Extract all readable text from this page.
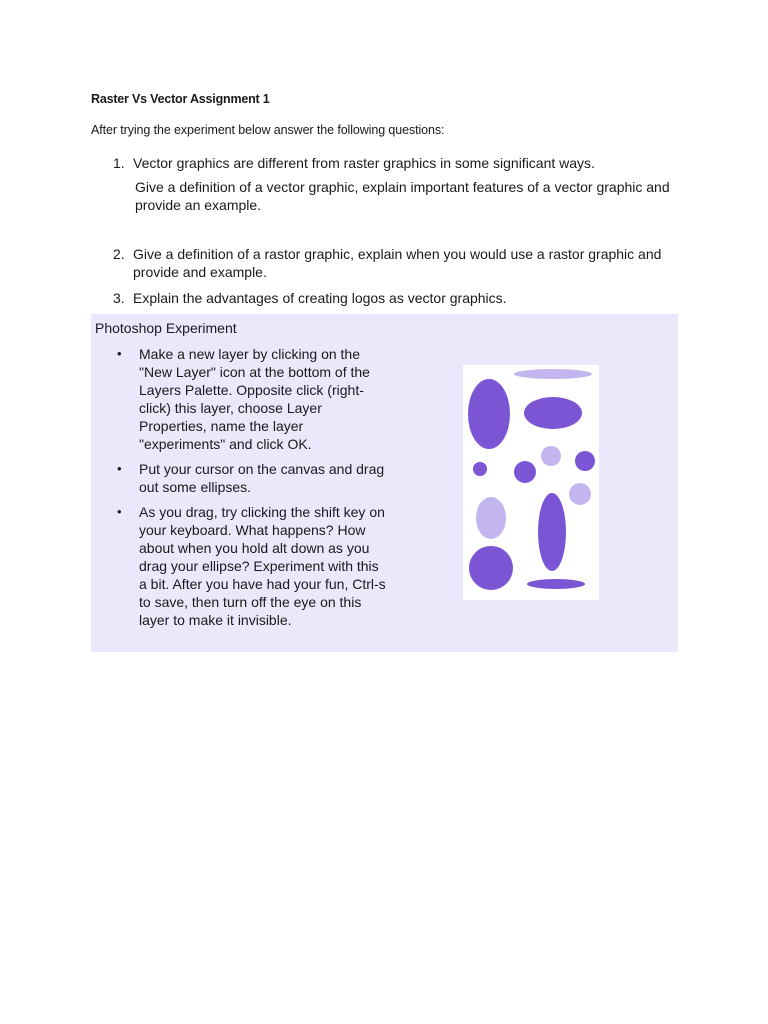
Raster Vs Vector Assignment 1
After trying the experiment below answer the following questions:
1. Vector graphics are different from raster graphics in some significant ways.
Give a definition of a vector graphic, explain important features of a vector graphic and provide an example.
2. Give a definition of a rastor graphic, explain when you would use a rastor graphic and provide and example.
3. Explain the advantages of creating logos as vector graphics.
Photoshop Experiment
• Make a new layer by clicking on the "New Layer" icon at the bottom of the Layers Palette. Opposite click (right-click) this layer, choose Layer Properties, name the layer "experiments" and click OK.
• Put your cursor on the canvas and drag out some ellipses.
• As you drag, try clicking the shift key on your keyboard. What happens? How about when you hold alt down as you drag your ellipse? Experiment with this a bit. After you have had your fun, Ctrl-s to save, then turn off the eye on this layer to make it invisible.
